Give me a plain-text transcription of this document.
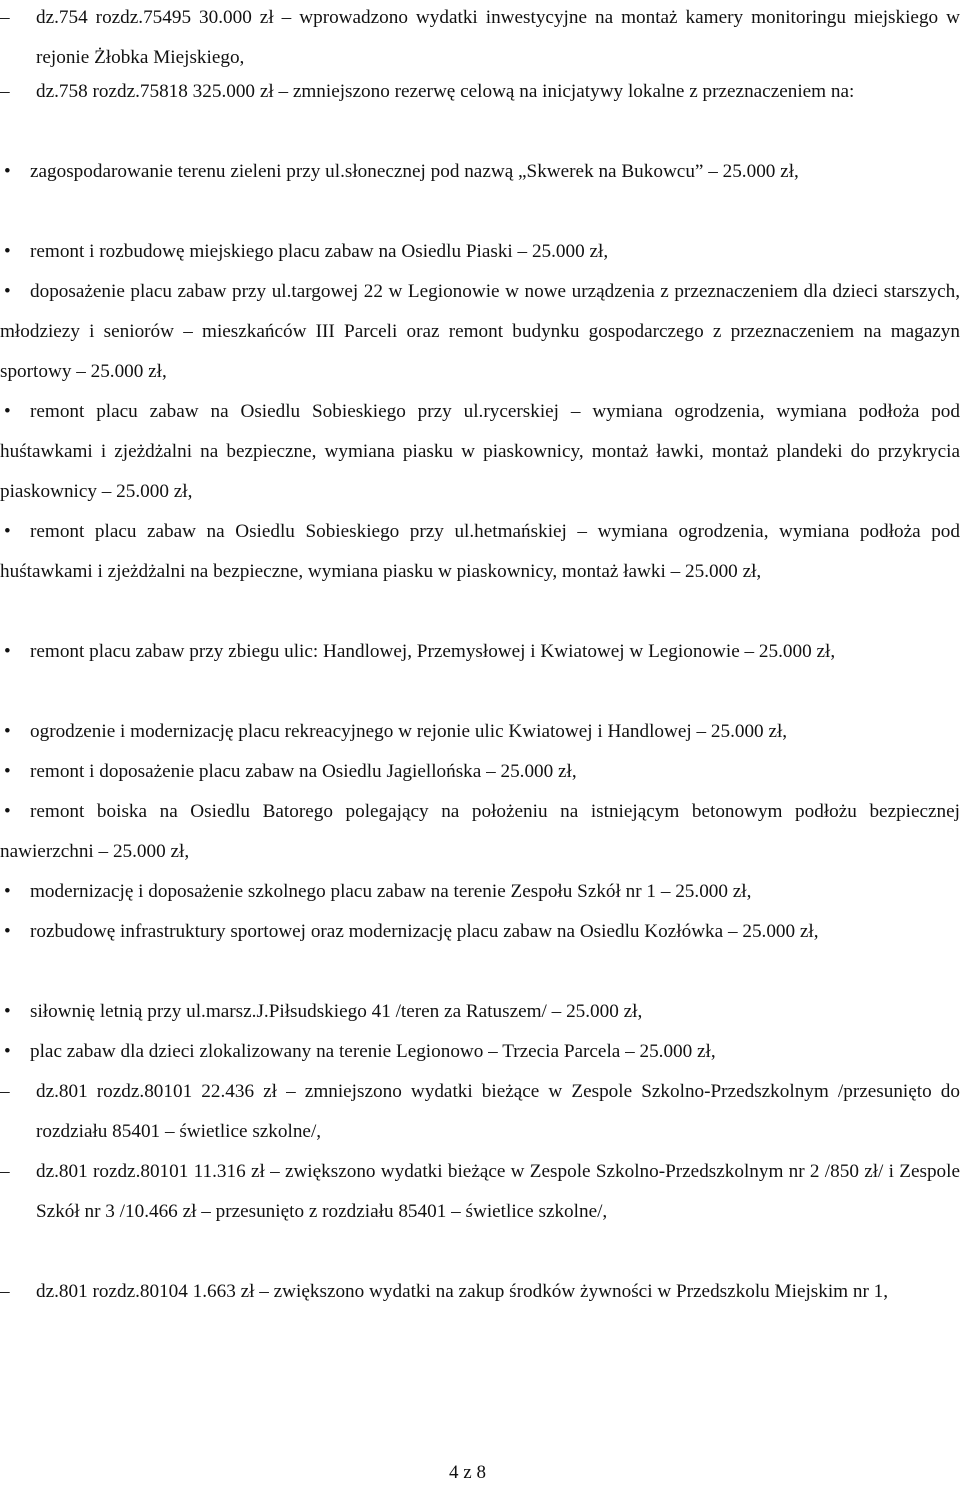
–	dz.754 rozdz.75495 30.000 zł – wprowadzono wydatki inwestycyjne na montaż kamery monitoringu miejskiego w rejonie Żłobka Miejskiego,
–	dz.758 rozdz.75818 325.000 zł – zmniejszono rezerwę celową na inicjatywy lokalne z przeznaczeniem na:
•	zagospodarowanie terenu zieleni przy ul.słonecznej pod nazwą „Skwerek na Bukowcu” – 25.000 zł,
•	remont i rozbudowę miejskiego placu zabaw na Osiedlu Piaski – 25.000 zł,
•	doposażenie placu zabaw przy ul.targowej 22 w Legionowie w nowe urządzenia z przeznaczeniem dla dzieci starszych, młodziezy i seniorów – mieszkańców III Parceli oraz remont budynku gospodarczego z przeznaczeniem na magazyn sportowy – 25.000 zł,
•	remont placu zabaw na Osiedlu Sobieskiego przy ul.rycerskiej – wymiana ogrodzenia, wymiana podłoża pod huśtawkami i zjeżdżalni na bezpieczne, wymiana piasku w piaskownicy, montaż ławki, montaż plandeki do przykrycia piaskownicy – 25.000 zł,
•	remont placu zabaw na Osiedlu Sobieskiego przy ul.hetmańskiej – wymiana ogrodzenia, wymiana podłoża pod huśtawkami i zjeżdżalni na bezpieczne, wymiana piasku w piaskownicy, montaż ławki – 25.000 zł,
•	remont placu zabaw przy zbiegu ulic: Handlowej, Przemysłowej i Kwiatowej w Legionowie – 25.000 zł,
•	ogrodzenie i modernizację placu rekreacyjnego w rejonie ulic Kwiatowej i Handlowej – 25.000 zł,
•	remont i doposażenie placu zabaw na Osiedlu Jagiellońska – 25.000 zł,
•	remont boiska na Osiedlu Batorego polegający na położeniu na istniejącym betonowym podłożu bezpiecznej nawierzchni – 25.000 zł,
•	modernizację i doposażenie szkolnego placu zabaw na terenie Zespołu Szkół nr 1 – 25.000 zł,
•	rozbudowę infrastruktury sportowej oraz modernizację placu zabaw na Osiedlu Kozłówka – 25.000 zł,
•	siłownię letnią przy ul.marsz.J.Piłsudskiego 41 /teren za Ratuszem/ – 25.000 zł,
•	plac zabaw dla dzieci zlokalizowany na terenie Legionowo – Trzecia Parcela – 25.000 zł,
–	dz.801 rozdz.80101 22.436 zł – zmniejszono wydatki bieżące w Zespole Szkolno-Przedszkolnym /przesunięto do rozdziału 85401 – świetlice szkolne/,
–	dz.801 rozdz.80101 11.316 zł – zwiększono wydatki bieżące w Zespole Szkolno-Przedszkolnym nr 2 /850 zł/ i Zespole Szkół nr 3 /10.466 zł – przesunięto z rozdziału 85401 – świetlice szkolne/,
–	dz.801 rozdz.80104 1.663 zł – zwiększono wydatki na zakup środków żywności w Przedszkolu Miejskim nr 1,
4 z 8
